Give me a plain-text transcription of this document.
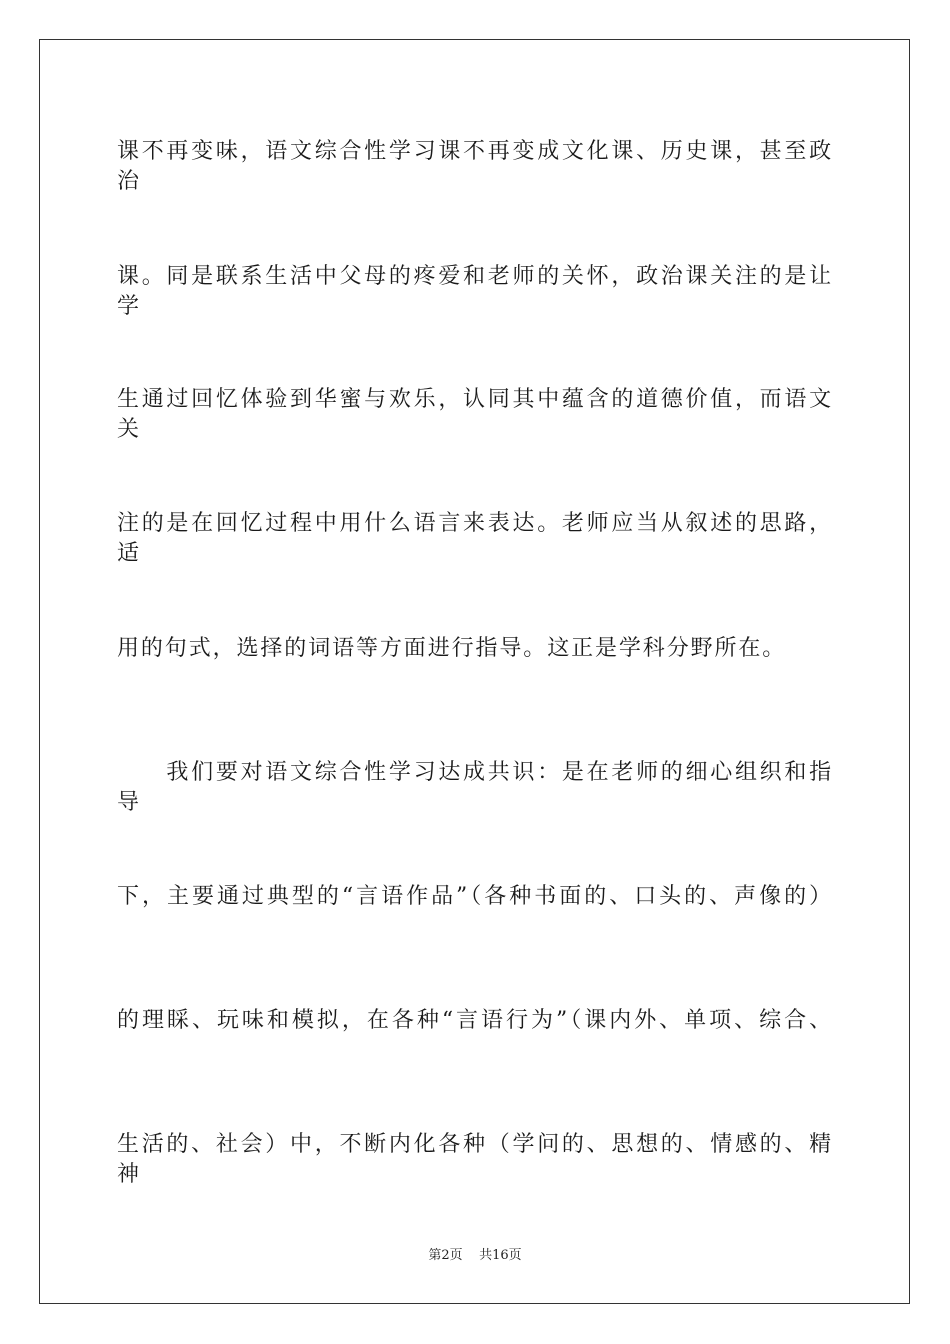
课不再变味，语文综合性学习课不再变成文化课、历史课，甚至政治
课。同是联系生活中父母的疼爱和老师的关怀，政治课关注的是让学
生通过回忆体验到华蜜与欢乐，认同其中蕴含的道德价值，而语文关
注的是在回忆过程中用什么语言来表达。老师应当从叙述的思路，适
用的句式，选择的词语等方面进行指导。这正是学科分野所在。
　　我们要对语文综合性学习达成共识：是在老师的细心组织和指导
下，主要通过典型的“言语作品”（各种书面的、口头的、声像的）
的理睬、玩味和模拟，在各种“言语行为”（课内外、单项、综合、
生活的、社会）中，不断内化各种（学问的、思想的、情感的、精神
第2页 共16页
